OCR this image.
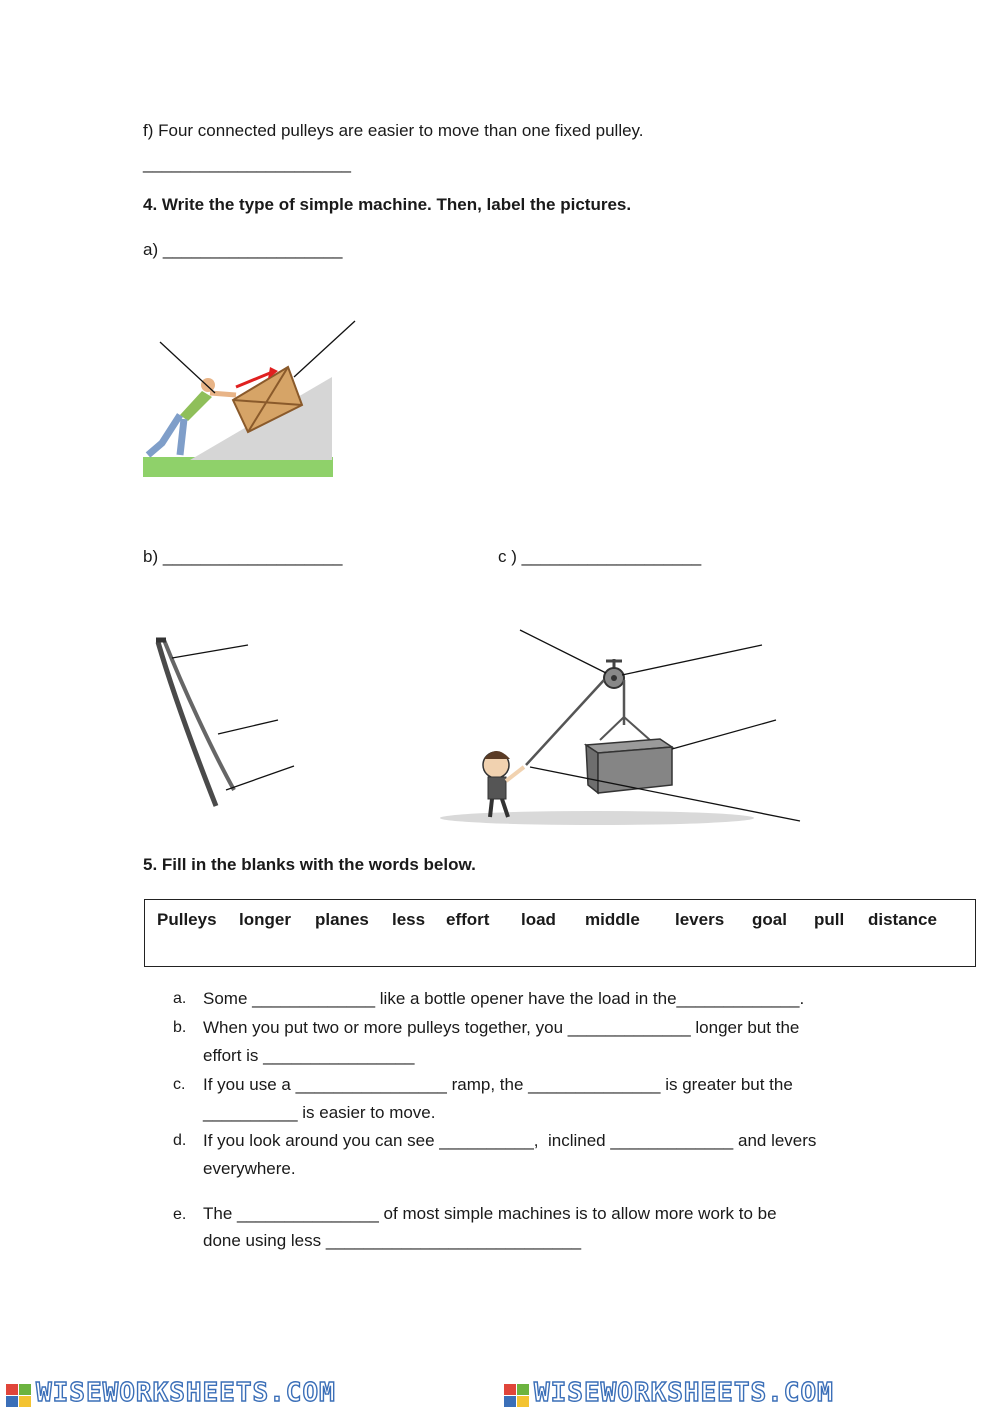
f) Four connected pulleys are easier to move than one fixed pulley.
______________________
4. Write the type of simple machine. Then, label the pictures.
a) ___________________
b) ___________________	c ) ___________________
5. Fill in the blanks with the words below.
Pulleys longer planes less effort load middle levers goal pull distance
a. Some _____________ like a bottle opener have the load in the_____________.
b. When you put two or more pulleys together, you _____________ longer but the
effort is ________________
c. If you use a ________________ ramp, the ______________ is greater but the
__________ is easier to move.
d. If you look around you can see __________,  inclined _____________ and levers
everywhere.
e. The _______________ of most simple machines is to allow more work to be
done using less ___________________________
WISEWORKSHEETS.COM	WISEWORKSHEETS.COM
